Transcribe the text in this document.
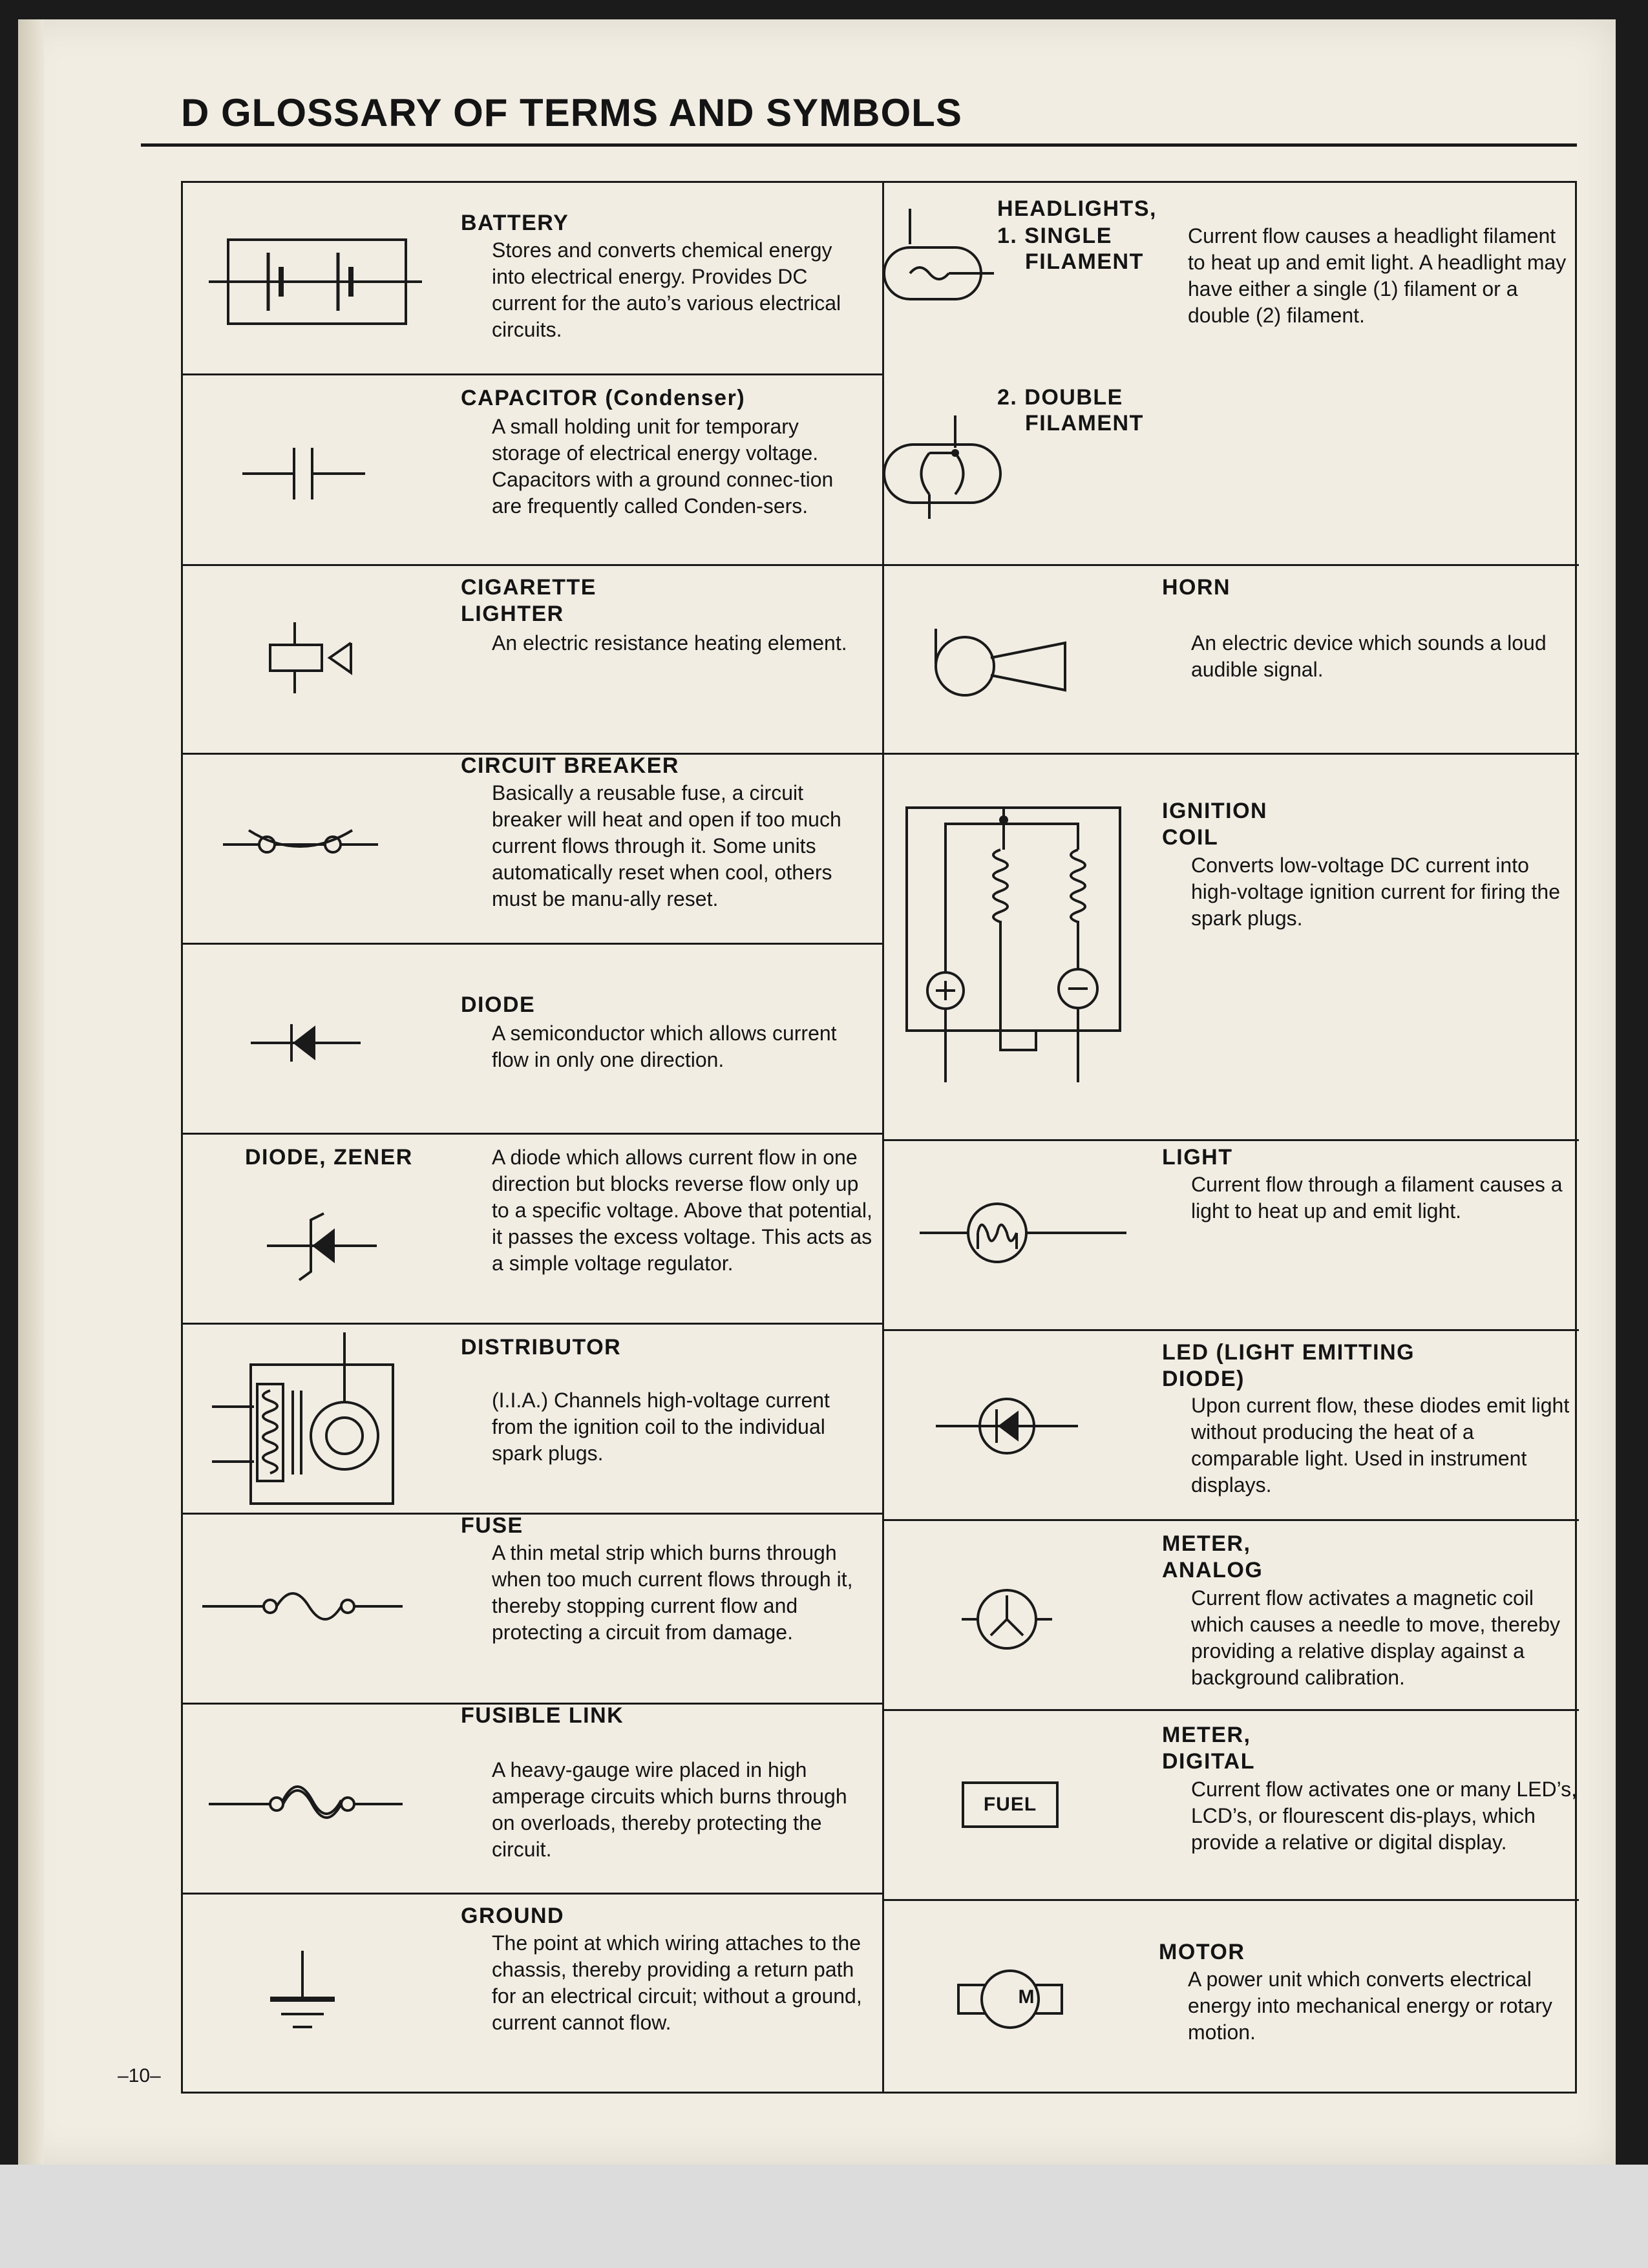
D GLOSSARY OF TERMS AND SYMBOLS
BATTERY
Stores and converts chemical energy into electrical energy. Provides DC current for the auto’s various electrical circuits.
CAPACITOR (Condenser)
A small holding unit for temporary storage of electrical energy voltage. Capacitors with a ground connec-tion are frequently called Conden-sers.
CIGARETTE LIGHTER
An electric resistance heating element.
CIRCUIT BREAKER
Basically a reusable fuse, a circuit breaker will heat and open if too much current flows through it. Some units automatically reset when cool, others must be manu-ally reset.
DIODE
A semiconductor which allows current flow in only one direction.
DIODE, ZENER	A diode which allows current flow in one direction but blocks reverse flow only up to a specific voltage. Above that potential, it passes the excess voltage. This acts as a simple voltage regulator.
DISTRIBUTOR
(I.I.A.) Channels high-voltage current from the ignition coil to the individual spark plugs.
FUSE
A thin metal strip which burns through when too much current flows through it, thereby stopping current flow and protecting a circuit from damage.
FUSIBLE LINK
A heavy-gauge wire placed in high amperage circuits which burns through on overloads, thereby protecting the circuit.
GROUND
The point at which wiring attaches to the chassis, thereby providing a return path for an electrical circuit; without a ground, current cannot flow.
HEADLIGHTS,
1. SINGLE
FILAMENT
Current flow causes a headlight filament to heat up and emit light. A headlight may have either a single (1) filament or a double (2) filament.
2. DOUBLE
FILAMENT
HORN
An electric device which sounds a loud audible signal.
IGNITION COIL
Converts low-voltage DC current into high-voltage ignition current for firing the spark plugs.
LIGHT
Current flow through a filament causes a light to heat up and emit light.
LED (LIGHT EMITTING DIODE)
Upon current flow, these diodes emit light without producing the heat of a comparable light. Used in instrument displays.
METER, ANALOG
Current flow activates a magnetic coil which causes a needle to move, thereby providing a relative display against a background calibration.
FUEL
METER, DIGITAL
Current flow activates one or many LED’s, LCD’s, or flourescent dis-plays, which provide a relative or digital display.
M
MOTOR
A power unit which converts electrical energy into mechanical energy or rotary motion.
–10–
